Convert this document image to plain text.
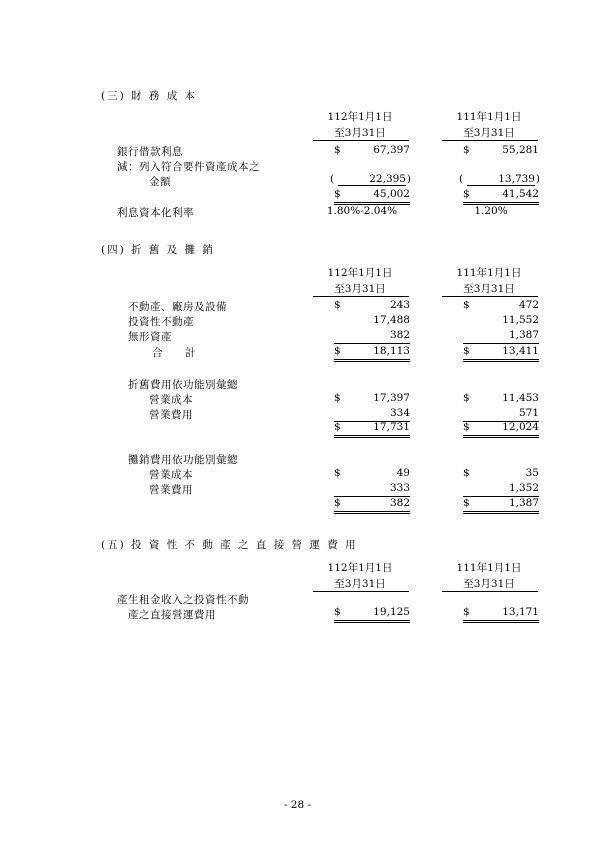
(三) 財 務 成 本
112年1月1日
至3月31日
111年1月1日
至3月31日
銀行借款利息	$	67,397	$	55,281
減：列入符合要件資產成本之
金額	(	22,395 )	(	13,739 )
$	45,002	$	41,542
利息資本化利率	1.80%-2.04%	1.20%
(四) 折 舊 及 攤 銷
112年1月1日
至3月31日
111年1月1日
至3月31日
不動產、廠房及設備	$	243	$	472
投資性不動產	17,488	11,552
無形資產	382	1,387
合　　計	$	18,113	$	13,411
折舊費用依功能別彙總
營業成本	$	17,397	$	11,453
營業費用	334	571
$	17,731	$	12,024
攤銷費用依功能別彙總
營業成本	$	49	$	35
營業費用	333	1,352
$	382	$	1,387
(五) 投 資 性 不 動 產 之 直 接 營 運 費 用
112年1月1日
至3月31日
111年1月1日
至3月31日
產生租金收入之投資性不動
產之直接營運費用	$	19,125	$	13,171
- 28 -
